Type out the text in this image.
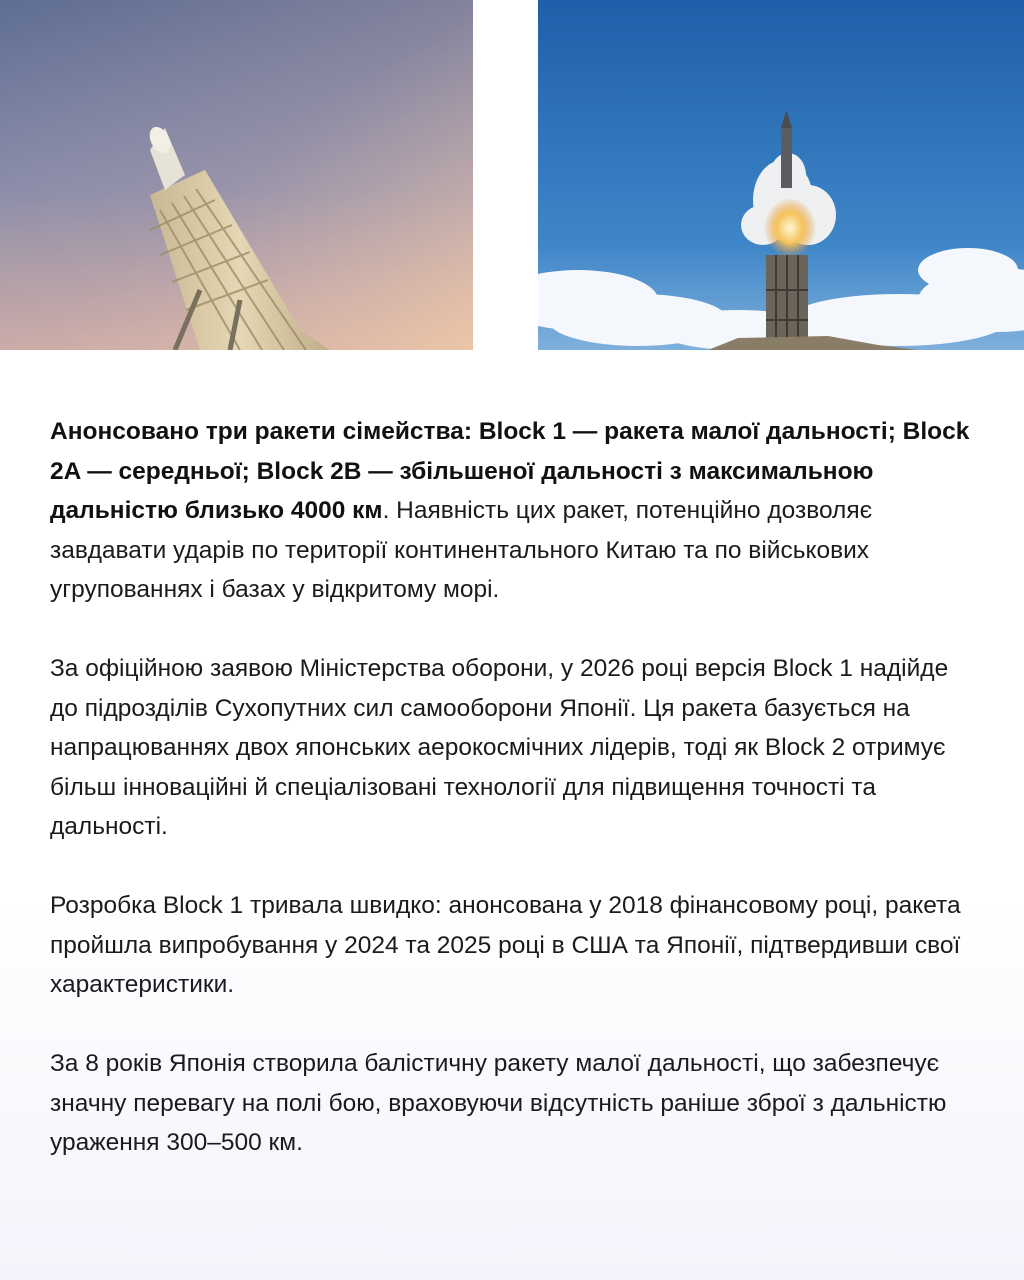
Анонсовано три ракети сімейства: Block 1 — ракета малої дальності; Block 2A — середньої; Block 2B — збільшеної дальності з максимальною дальністю близько 4000 км. Наявність цих ракет, потенційно дозволяє завдавати ударів по території континентального Китаю та по військових угрупованнях і базах у відкритому морі.

За офіційною заявою Міністерства оборони, у 2026 році версія Block 1 надійде до підрозділів Сухопутних сил самооборони Японії. Ця ракета базується на напрацюваннях двох японських аерокосмічних лідерів, тоді як Block 2 отримує більш інноваційні й спеціалізовані технології для підвищення точності та дальності.

Розробка Block 1 тривала швидко: анонсована у 2018 фінансовому році, ракета пройшла випробування у 2024 та 2025 році в США та Японії, підтвердивши свої характеристики.

За 8 років Японія створила балістичну ракету малої дальності, що забезпечує значну перевагу на полі бою, враховуючи відсутність раніше зброї з дальністю ураження 300–500 км.
